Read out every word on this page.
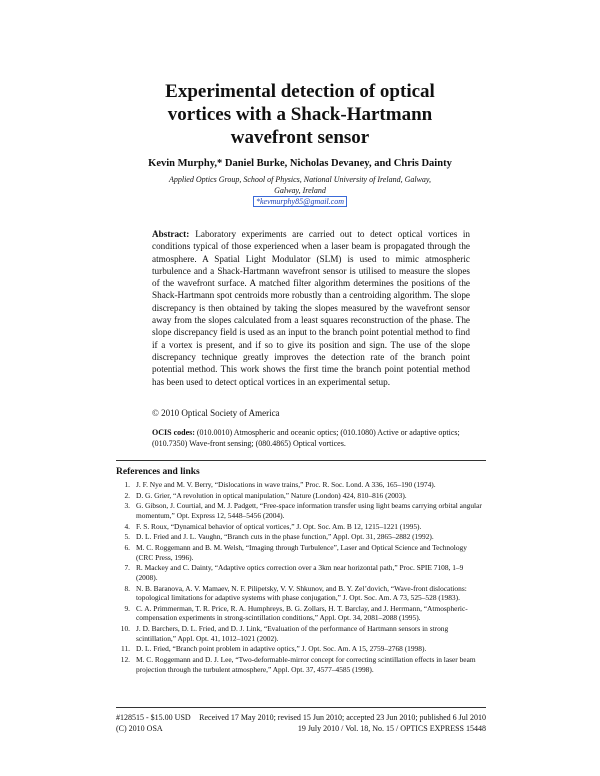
Experimental detection of optical
vortices with a Shack-Hartmann
wavefront sensor
Kevin Murphy,* Daniel Burke, Nicholas Devaney, and Chris Dainty
Applied Optics Group, School of Physics, National University of Ireland, Galway,
Galway, Ireland
*kevmurphy85@gmail.com
Abstract: Laboratory experiments are carried out to detect optical vortices in conditions typical of those experienced when a laser beam is propagated through the atmosphere. A Spatial Light Modulator (SLM) is used to mimic atmospheric turbulence and a Shack-Hartmann wavefront sensor is utilised to measure the slopes of the wavefront surface. A matched filter algorithm determines the positions of the Shack-Hartmann spot centroids more robustly than a centroiding algorithm. The slope discrepancy is then obtained by taking the slopes measured by the wavefront sensor away from the slopes calculated from a least squares reconstruction of the phase. The slope discrepancy field is used as an input to the branch point potential method to find if a vortex is present, and if so to give its position and sign. The use of the slope discrepancy technique greatly improves the detection rate of the branch point potential method. This work shows the first time the branch point potential method has been used to detect optical vortices in an experimental setup.
© 2010 Optical Society of America
OCIS codes: (010.0010) Atmospheric and oceanic optics; (010.1080) Active or adaptive optics; (010.7350) Wave-front sensing; (080.4865) Optical vortices.
References and links
1. J. F. Nye and M. V. Berry, “Dislocations in wave trains,” Proc. R. Soc. Lond. A 336, 165–190 (1974).
2. D. G. Grier, “A revolution in optical manipulation,” Nature (London) 424, 810–816 (2003).
3. G. Gibson, J. Courtial, and M. J. Padgett, “Free-space information transfer using light beams carrying orbital angular momentum,” Opt. Express 12, 5448–5456 (2004).
4. F. S. Roux, “Dynamical behavior of optical vortices,” J. Opt. Soc. Am. B 12, 1215–1221 (1995).
5. D. L. Fried and J. L. Vaughn, “Branch cuts in the phase function,” Appl. Opt. 31, 2865–2882 (1992).
6. M. C. Roggemann and B. M. Welsh, “Imaging through Turbulence”, Laser and Optical Science and Technology (CRC Press, 1996).
7. R. Mackey and C. Dainty, “Adaptive optics correction over a 3km near horizontal path,” Proc. SPIE 7108, 1–9 (2008).
8. N. B. Baranova, A. V. Mamaev, N. F. Pilipetsky, V. V. Shkunov, and B. Y. Zel’dovich, “Wave-front dislocations: topological limitations for adaptive systems with phase conjugation,” J. Opt. Soc. Am. A 73, 525–528 (1983).
9. C. A. Primmerman, T. R. Price, R. A. Humphreys, B. G. Zollars, H. T. Barclay, and J. Herrmann, “Atmospheric-compensation experiments in strong-scintillation conditions,” Appl. Opt. 34, 2081–2088 (1995).
10. J. D. Barchers, D. L. Fried, and D. J. Link, “Evaluation of the performance of Hartmann sensors in strong scintillation,” Appl. Opt. 41, 1012–1021 (2002).
11. D. L. Fried, “Branch point problem in adaptive optics,” J. Opt. Soc. Am. A 15, 2759–2768 (1998).
12. M. C. Roggemann and D. J. Lee, “Two-deformable-mirror concept for correcting scintillation effects in laser beam projection through the turbulent atmosphere,” Appl. Opt. 37, 4577–4585 (1998).
#128515 - $15.00 USD Received 17 May 2010; revised 15 Jun 2010; accepted 23 Jun 2010; published 6 Jul 2010
(C) 2010 OSA	19 July 2010 / Vol. 18, No. 15 / OPTICS EXPRESS 15448
